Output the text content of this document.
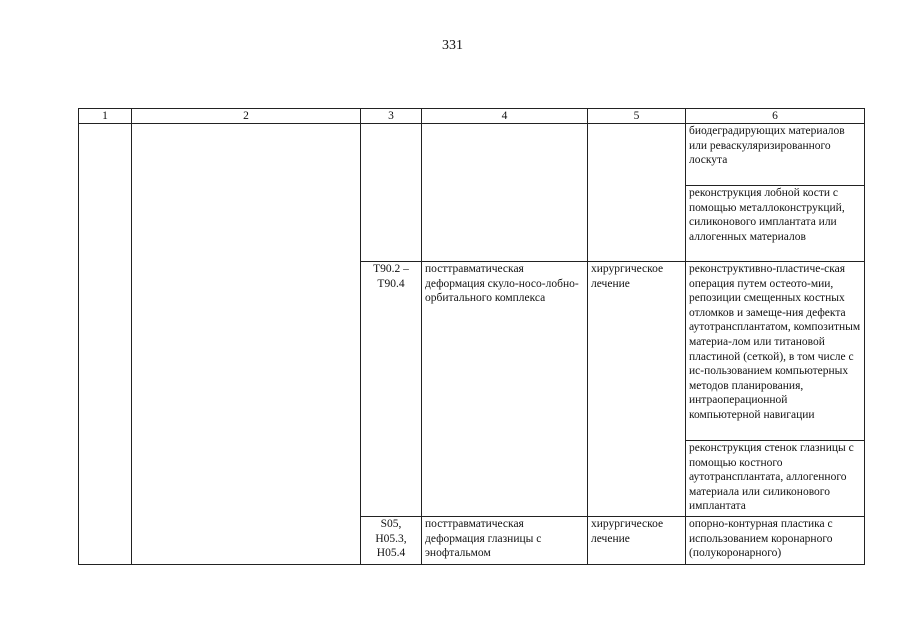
331
1	2	3	4	5	6
					биодеградирующих материалов или реваскуляризированного лоскута
					реконструкция лобной кости с помощью металлоконструкций, силиконового имплантата или аллогенных материалов
		T90.2 – T90.4	посттравматическая деформация скуло-носо-лобно-орбитального комплекса	хирургическое лечение	реконструктивно-пластиче-ская операция путем остеото-мии, репозиции смещенных костных отломков и замеще-ния дефекта аутотрансплантатом, композитным материа-лом или титановой пластиной (сеткой), в том числе с ис-пользованием компьютерных методов планирования, интраоперационной компьютерной навигации
					реконструкция стенок глазницы с помощью костного аутотрансплантата, аллогенного материала или силиконового имплантата
		S05, H05.3, H05.4	посттравматическая деформация глазницы с энофтальмом	хирургическое лечение	опорно-контурная пластика с использованием коронарного (полукоронарного)
